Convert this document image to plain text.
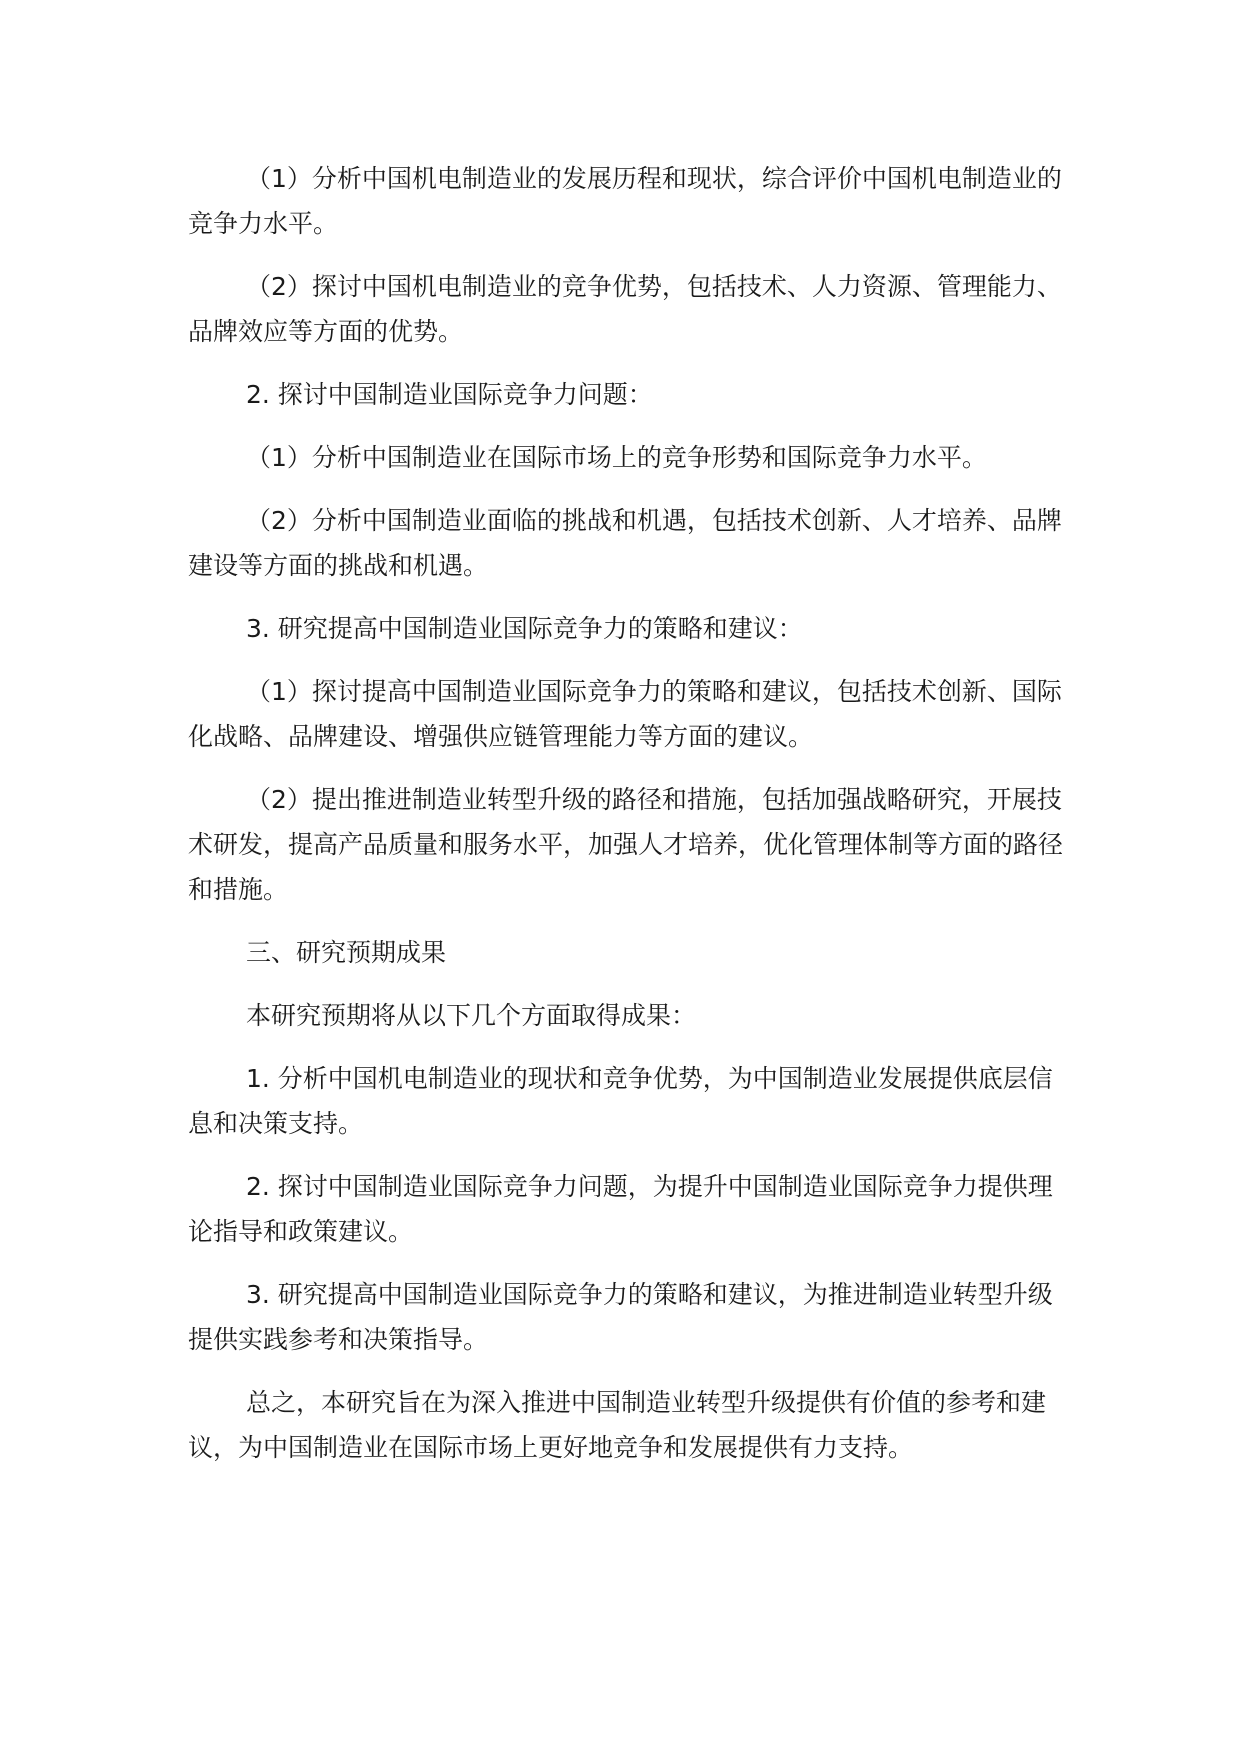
（1）分析中国机电制造业的发展历程和现状，综合评价中国机电制造业的竞争力水平。

（2）探讨中国机电制造业的竞争优势，包括技术、人力资源、管理能力、品牌效应等方面的优势。

2. 探讨中国制造业国际竞争力问题：

（1）分析中国制造业在国际市场上的竞争形势和国际竞争力水平。

（2）分析中国制造业面临的挑战和机遇，包括技术创新、人才培养、品牌建设等方面的挑战和机遇。

3. 研究提高中国制造业国际竞争力的策略和建议：

（1）探讨提高中国制造业国际竞争力的策略和建议，包括技术创新、国际化战略、品牌建设、增强供应链管理能力等方面的建议。

（2）提出推进制造业转型升级的路径和措施，包括加强战略研究，开展技术研发，提高产品质量和服务水平，加强人才培养，优化管理体制等方面的路径和措施。

三、研究预期成果

本研究预期将从以下几个方面取得成果：

1. 分析中国机电制造业的现状和竞争优势，为中国制造业发展提供底层信息和决策支持。

2. 探讨中国制造业国际竞争力问题，为提升中国制造业国际竞争力提供理论指导和政策建议。

3. 研究提高中国制造业国际竞争力的策略和建议，为推进制造业转型升级提供实践参考和决策指导。

总之，本研究旨在为深入推进中国制造业转型升级提供有价值的参考和建议，为中国制造业在国际市场上更好地竞争和发展提供有力支持。
